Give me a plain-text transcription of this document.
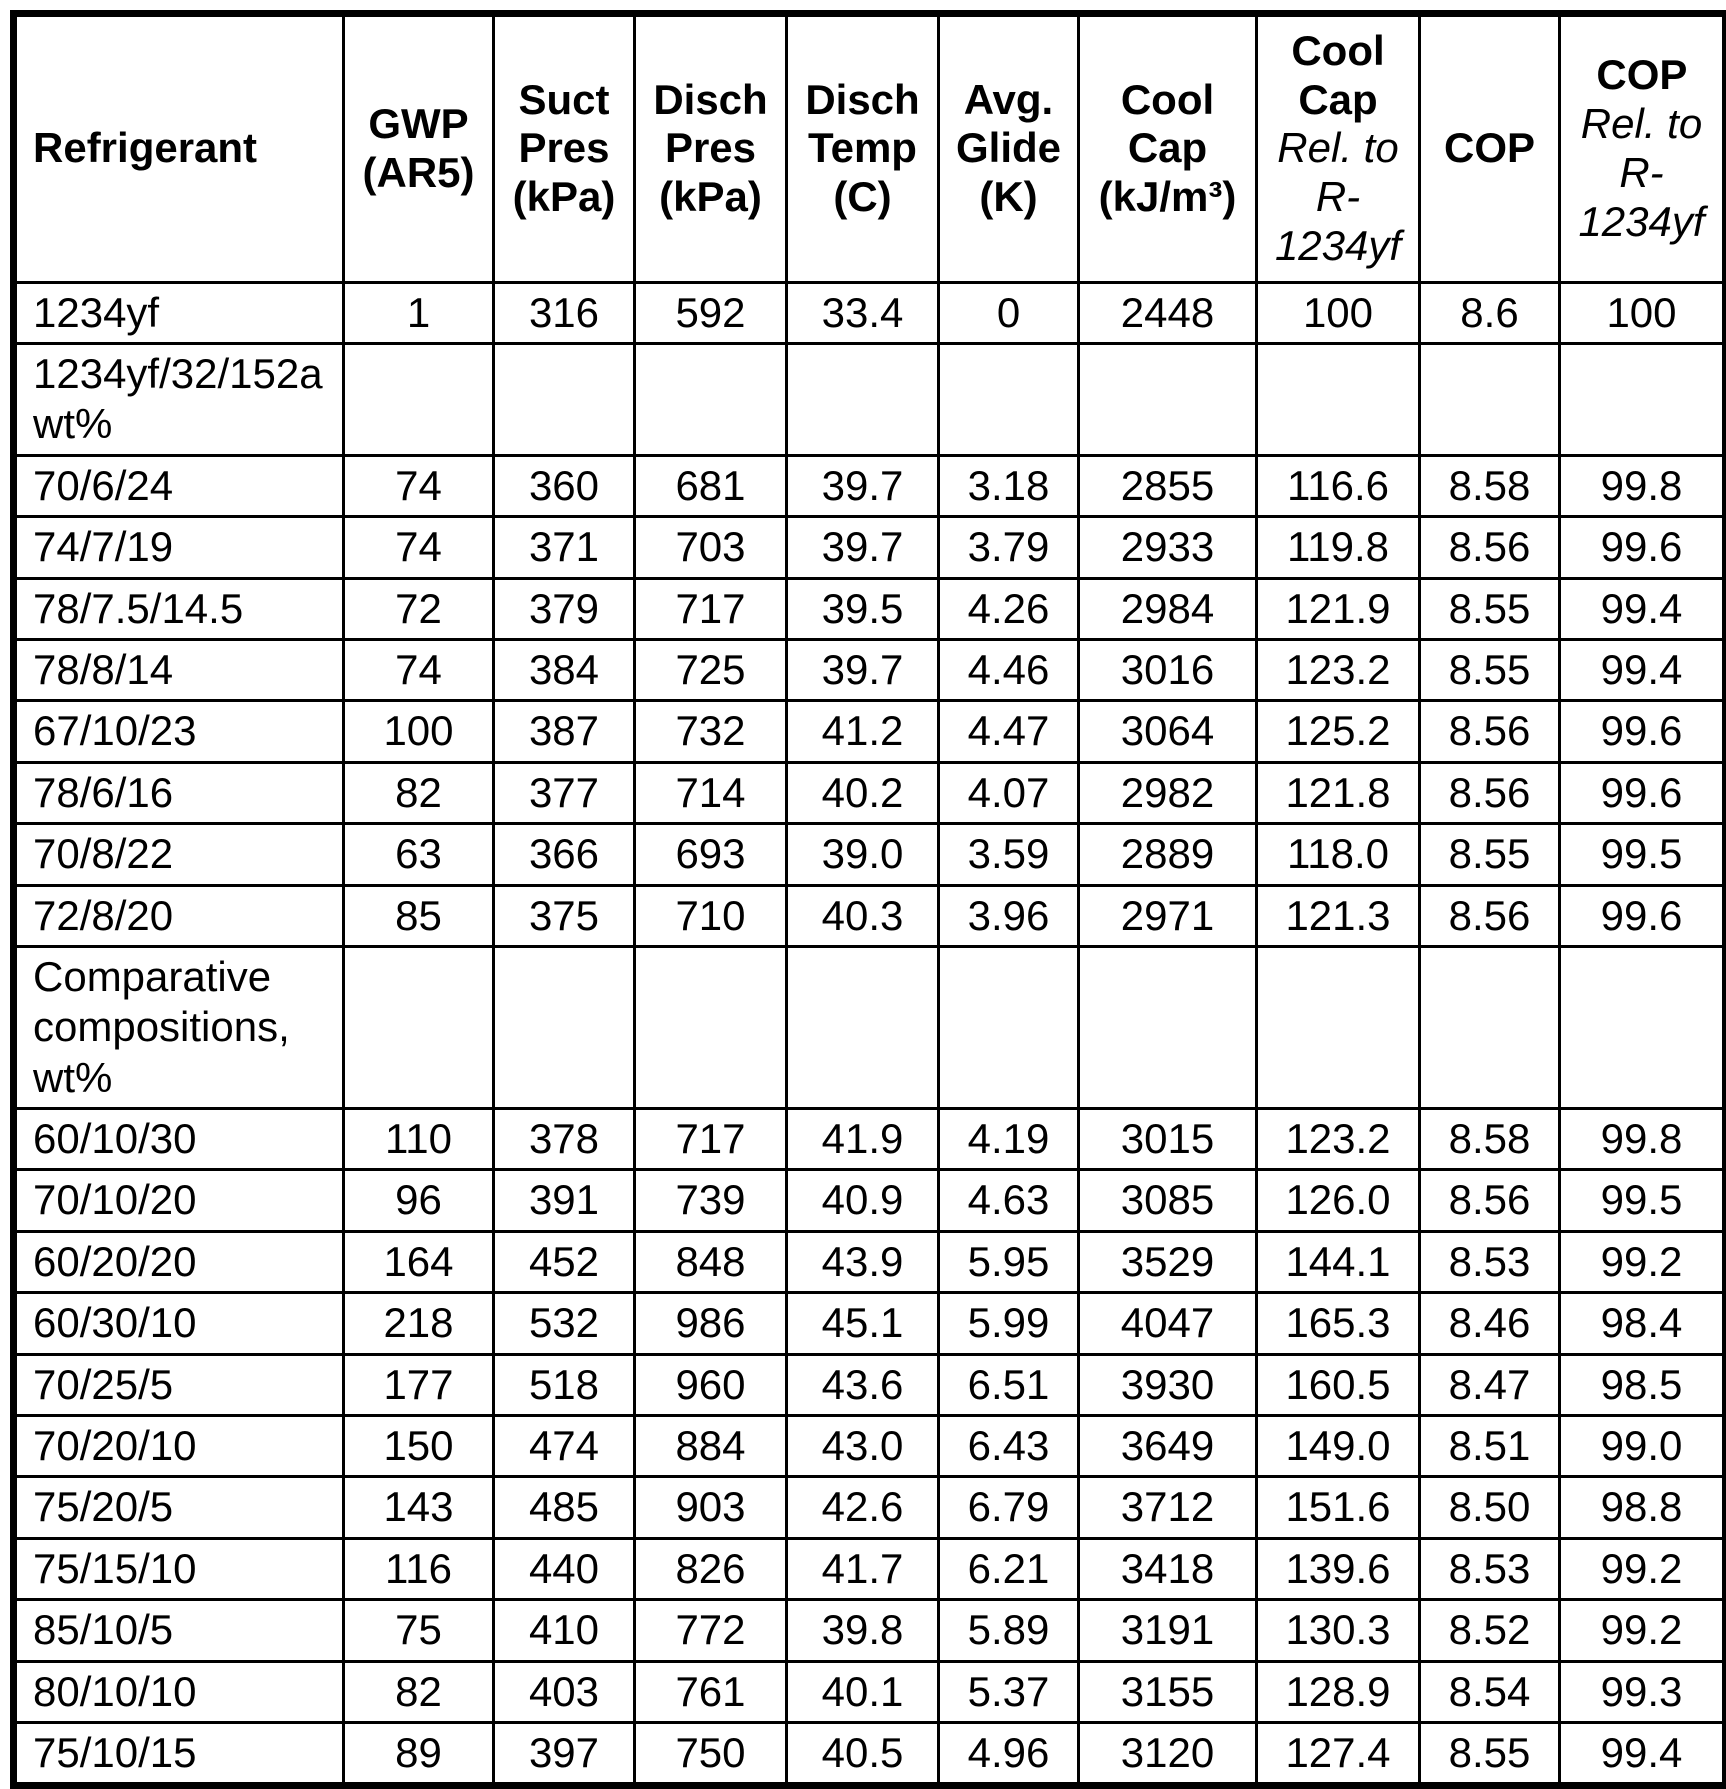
Refrigerant	GWP (AR5)	Suct Pres (kPa)	Disch Pres (kPa)	Disch Temp (C)	Avg. Glide (K)	Cool Cap (kJ/m³)	Cool Cap Rel. to R-1234yf	COP	COP Rel. to R-1234yf
1234yf	1	316	592	33.4	0	2448	100	8.6	100
1234yf/32/152a wt%									
70/6/24	74	360	681	39.7	3.18	2855	116.6	8.58	99.8
74/7/19	74	371	703	39.7	3.79	2933	119.8	8.56	99.6
78/7.5/14.5	72	379	717	39.5	4.26	2984	121.9	8.55	99.4
78/8/14	74	384	725	39.7	4.46	3016	123.2	8.55	99.4
67/10/23	100	387	732	41.2	4.47	3064	125.2	8.56	99.6
78/6/16	82	377	714	40.2	4.07	2982	121.8	8.56	99.6
70/8/22	63	366	693	39.0	3.59	2889	118.0	8.55	99.5
72/8/20	85	375	710	40.3	3.96	2971	121.3	8.56	99.6
Comparative compositions, wt%									
60/10/30	110	378	717	41.9	4.19	3015	123.2	8.58	99.8
70/10/20	96	391	739	40.9	4.63	3085	126.0	8.56	99.5
60/20/20	164	452	848	43.9	5.95	3529	144.1	8.53	99.2
60/30/10	218	532	986	45.1	5.99	4047	165.3	8.46	98.4
70/25/5	177	518	960	43.6	6.51	3930	160.5	8.47	98.5
70/20/10	150	474	884	43.0	6.43	3649	149.0	8.51	99.0
75/20/5	143	485	903	42.6	6.79	3712	151.6	8.50	98.8
75/15/10	116	440	826	41.7	6.21	3418	139.6	8.53	99.2
85/10/5	75	410	772	39.8	5.89	3191	130.3	8.52	99.2
80/10/10	82	403	761	40.1	5.37	3155	128.9	8.54	99.3
75/10/15	89	397	750	40.5	4.96	3120	127.4	8.55	99.4
